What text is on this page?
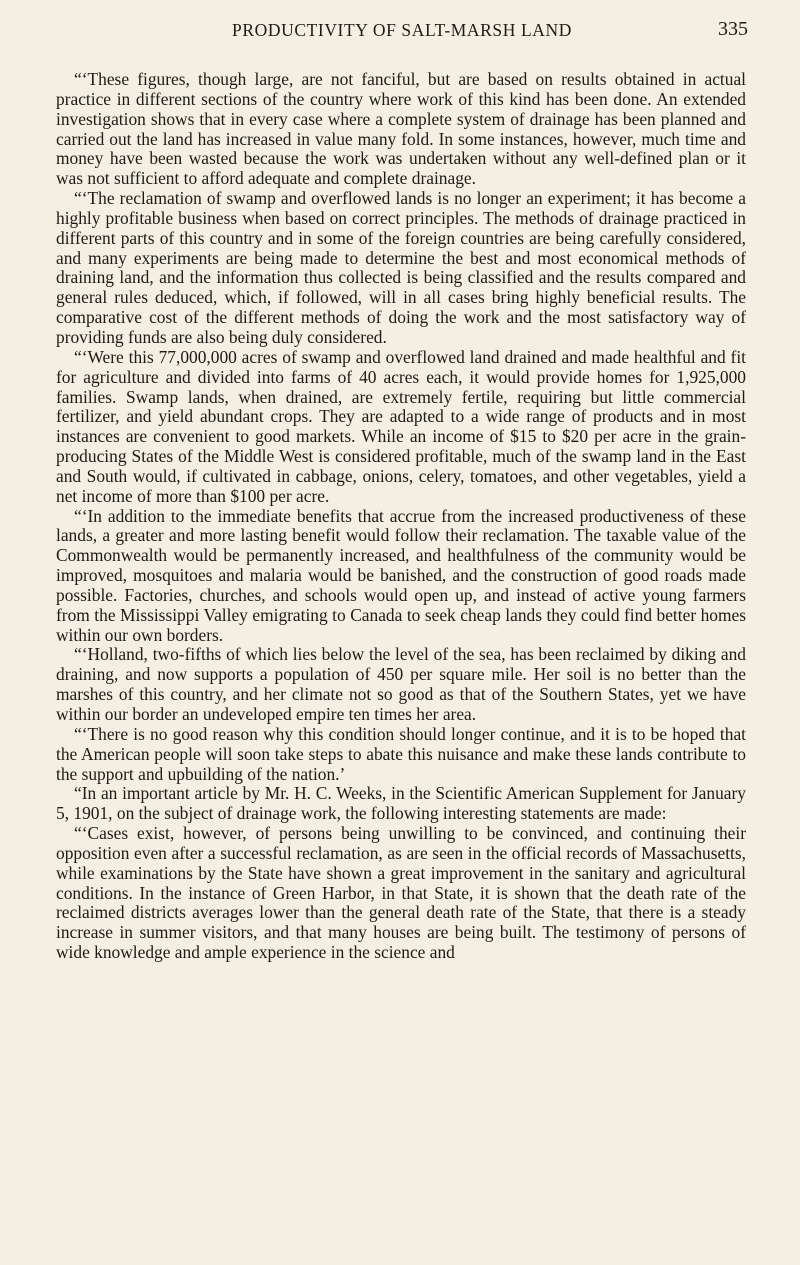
PRODUCTIVITY OF SALT-MARSH LAND	335

“‘These figures, though large, are not fanciful, but are based on results obtained in actual practice in different sections of the country where work of this kind has been done. An extended investigation shows that in every case where a complete system of drainage has been planned and carried out the land has increased in value many fold. In some instances, however, much time and money have been wasted because the work was undertaken without any well-defined plan or it was not sufficient to afford adequate and complete drainage.

“‘The reclamation of swamp and overflowed lands is no longer an experiment; it has become a highly profitable business when based on correct principles. The methods of drainage practiced in different parts of this country and in some of the foreign countries are being carefully considered, and many experiments are being made to determine the best and most economical methods of draining land, and the information thus collected is being classified and the results compared and general rules deduced, which, if followed, will in all cases bring highly beneficial results. The comparative cost of the different methods of doing the work and the most satisfactory way of providing funds are also being duly considered.

“‘Were this 77,000,000 acres of swamp and overflowed land drained and made healthful and fit for agriculture and divided into farms of 40 acres each, it would provide homes for 1,925,000 families. Swamp lands, when drained, are extremely fertile, requiring but little commercial fertilizer, and yield abundant crops. They are adapted to a wide range of products and in most instances are convenient to good markets. While an income of $15 to $20 per acre in the grain-producing States of the Middle West is considered profitable, much of the swamp land in the East and South would, if cultivated in cabbage, onions, celery, tomatoes, and other vegetables, yield a net income of more than $100 per acre.

“‘In addition to the immediate benefits that accrue from the increased productiveness of these lands, a greater and more lasting benefit would follow their reclamation. The taxable value of the Commonwealth would be permanently increased, and healthfulness of the community would be improved, mosquitoes and malaria would be banished, and the construction of good roads made possible. Factories, churches, and schools would open up, and instead of active young farmers from the Mississippi Valley emigrating to Canada to seek cheap lands they could find better homes within our own borders.

“‘Holland, two-fifths of which lies below the level of the sea, has been reclaimed by diking and draining, and now supports a population of 450 per square mile. Her soil is no better than the marshes of this country, and her climate not so good as that of the Southern States, yet we have within our border an undeveloped empire ten times her area.

“‘There is no good reason why this condition should longer continue, and it is to be hoped that the American people will soon take steps to abate this nuisance and make these lands contribute to the support and upbuilding of the nation.’

“In an important article by Mr. H. C. Weeks, in the Scientific American Supplement for January 5, 1901, on the subject of drainage work, the following interesting statements are made:

“‘Cases exist, however, of persons being unwilling to be convinced, and continuing their opposition even after a successful reclamation, as are seen in the official records of Massachusetts, while examinations by the State have shown a great improvement in the sanitary and agricultural conditions. In the instance of Green Harbor, in that State, it is shown that the death rate of the reclaimed districts averages lower than the general death rate of the State, that there is a steady increase in summer visitors, and that many houses are being built. The testimony of persons of wide knowledge and ample experience in the science and
